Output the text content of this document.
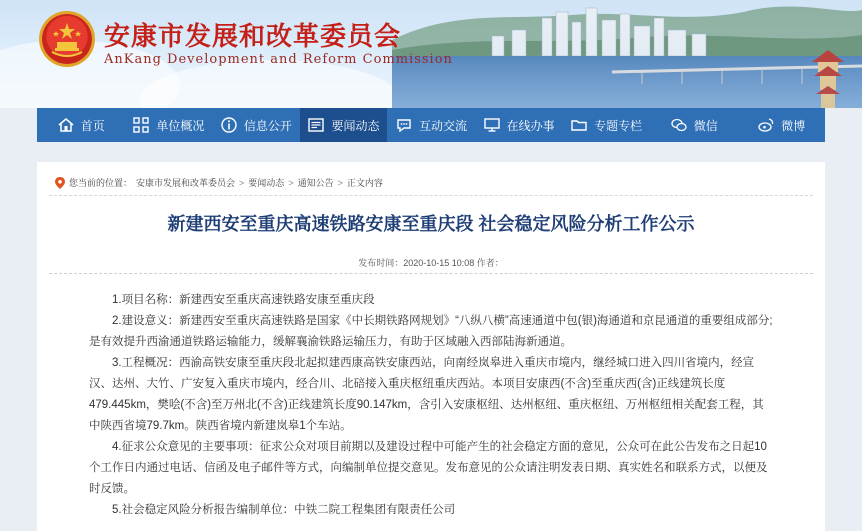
安康市发展和改革委员会
AnKang Development and Reform Commission
首页	单位概况	信息公开	要闻动态	互动交流	在线办事	专题专栏	微信	微博
您当前的位置： 安康市发展和改革委员会 > 要闻动态 > 通知公告 > 正文内容
新建西安至重庆高速铁路安康至重庆段 社会稳定风险分析工作公示
发布时间：2020-10-15 10:08 作者：

1.项目名称：新建西安至重庆高速铁路安康至重庆段

2.建设意义：新建西安至重庆高速铁路是国家《中长期铁路网规划》“八纵八横”高速通道中包(银)海通道和京昆通道的重要组成部分;是有效提升西渝通道铁路运输能力，缓解襄渝铁路运输压力，有助于区域融入西部陆海新通道。

3.工程概况：西渝高铁安康至重庆段北起拟建西康高铁安康西站，向南经岚皋进入重庆市境内，继经城口进入四川省境内，经宣汉、达州、大竹、广安复入重庆市境内，经合川、北碚接入重庆枢纽重庆西站。本项目安康西(不含)至重庆西(含)正线建筑长度479.445km，樊哙(不含)至万州北(不含)正线建筑长度90.147km，含引入安康枢纽、达州枢纽、重庆枢纽、万州枢纽相关配套工程，其中陕西省境79.7km。陕西省境内新建岚皋1个车站。

4.征求公众意见的主要事项：征求公众对项目前期以及建设过程中可能产生的社会稳定方面的意见，公众可在此公告发布之日起10个工作日内通过电话、信函及电子邮件等方式，向编制单位提交意见。发布意见的公众请注明发表日期、真实姓名和联系方式，以便及时反馈。

5.社会稳定风险分析报告编制单位：中铁二院工程集团有限责任公司
